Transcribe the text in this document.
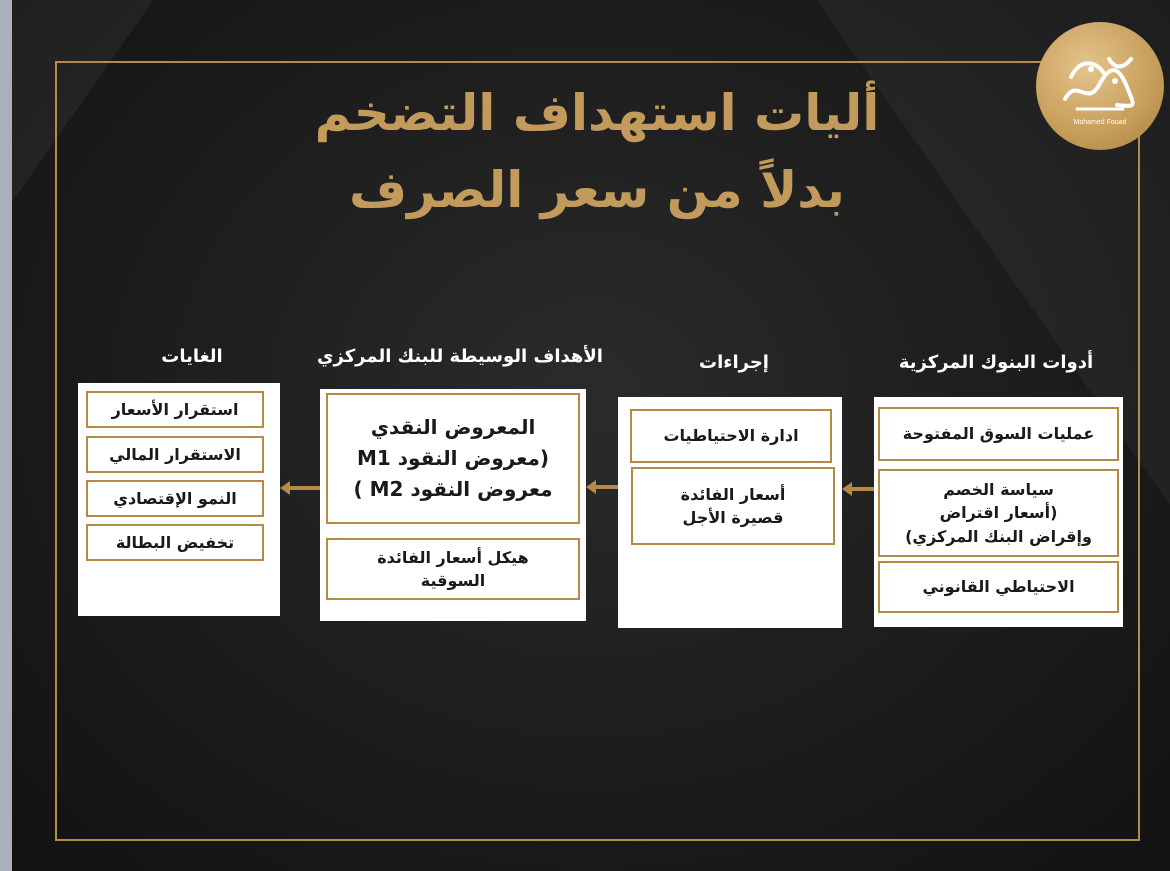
Mohamed Fouad
أليات استهداف التضخم
بدلاً من سعر الصرف
أدوات البنوك المركزية
إجراءات
الأهداف الوسيطة للبنك المركزي
الغايات
عمليات السوق المفتوحة
سياسة الخصم
(أسعار اقتراض
وإقراض البنك المركزي)
الاحتياطي القانوني
ادارة الاحتياطيات
أسعار الفائدة
قصيرة الأجل
المعروض النقدي
(معروض النقود M1
معروض النقود M2 )
هيكل أسعار الفائدة
السوقية
استقرار الأسعار
الاستقرار المالي
النمو الإقتصادي
تخفيض البطالة
